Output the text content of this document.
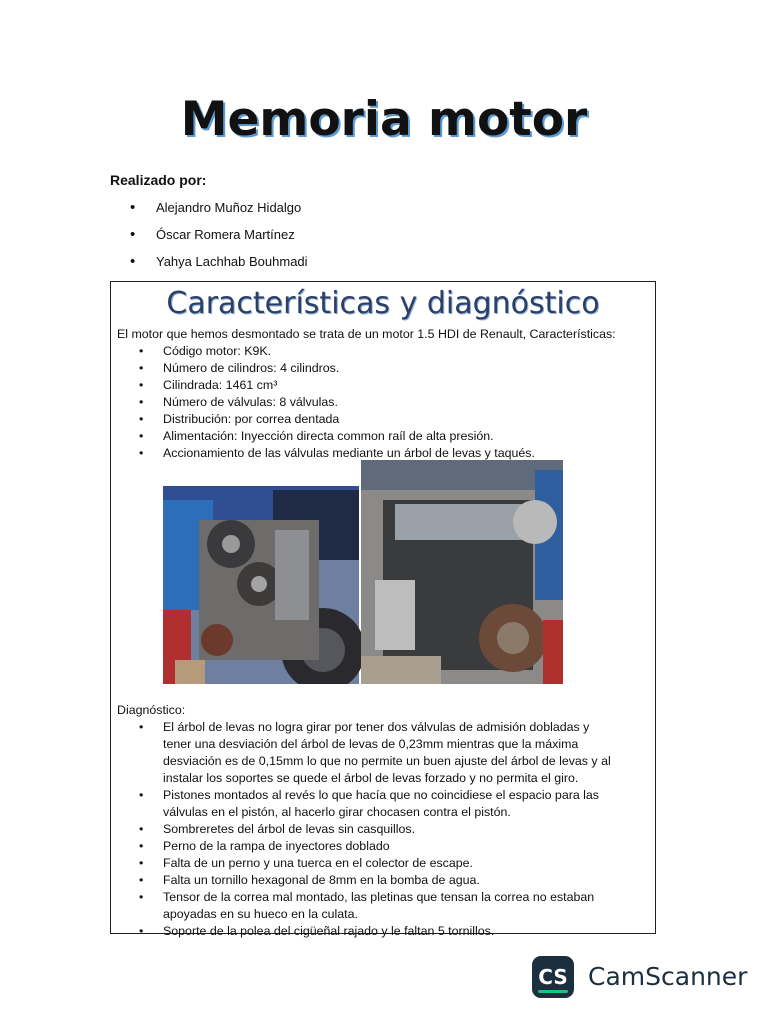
Memoria motor
Realizado por:
• Alejandro Muñoz Hidalgo
• Óscar Romera Martínez
• Yahya Lachhab Bouhmadi
Características y diagnóstico
El motor que hemos desmontado se trata de un motor 1.5 HDI de Renault, Características:
• Código motor: K9K.
• Número de cilindros: 4 cilindros.
• Cilindrada: 1461 cm³
• Número de válvulas: 8 válvulas.
• Distribución: por correa dentada
• Alimentación: Inyección directa common raíl de alta presión.
• Accionamiento de las válvulas mediante un árbol de levas y taqués.
Diagnóstico:
• El árbol de levas no logra girar por tener dos válvulas de admisión dobladas y tener una desviación del árbol de levas de 0,23mm mientras que la máxima desviación es de 0,15mm lo que no permite un buen ajuste del árbol de levas y al instalar los soportes se quede el árbol de levas forzado y no permita el giro.
• Pistones montados al revés lo que hacía que no coincidiese el espacio para las válvulas en el pistón, al hacerlo girar chocasen contra el pistón.
• Sombreretes del árbol de levas sin casquillos.
• Perno de la rampa de inyectores doblado
• Falta de un perno y una tuerca en el colector de escape.
• Falta un tornillo hexagonal de 8mm en la bomba de agua.
• Tensor de la correa mal montado, las pletinas que tensan la correa no estaban apoyadas en su hueco en la culata.
• Soporte de la polea del cigüeñal rajado y le faltan 5 tornillos.
CS CamScanner
